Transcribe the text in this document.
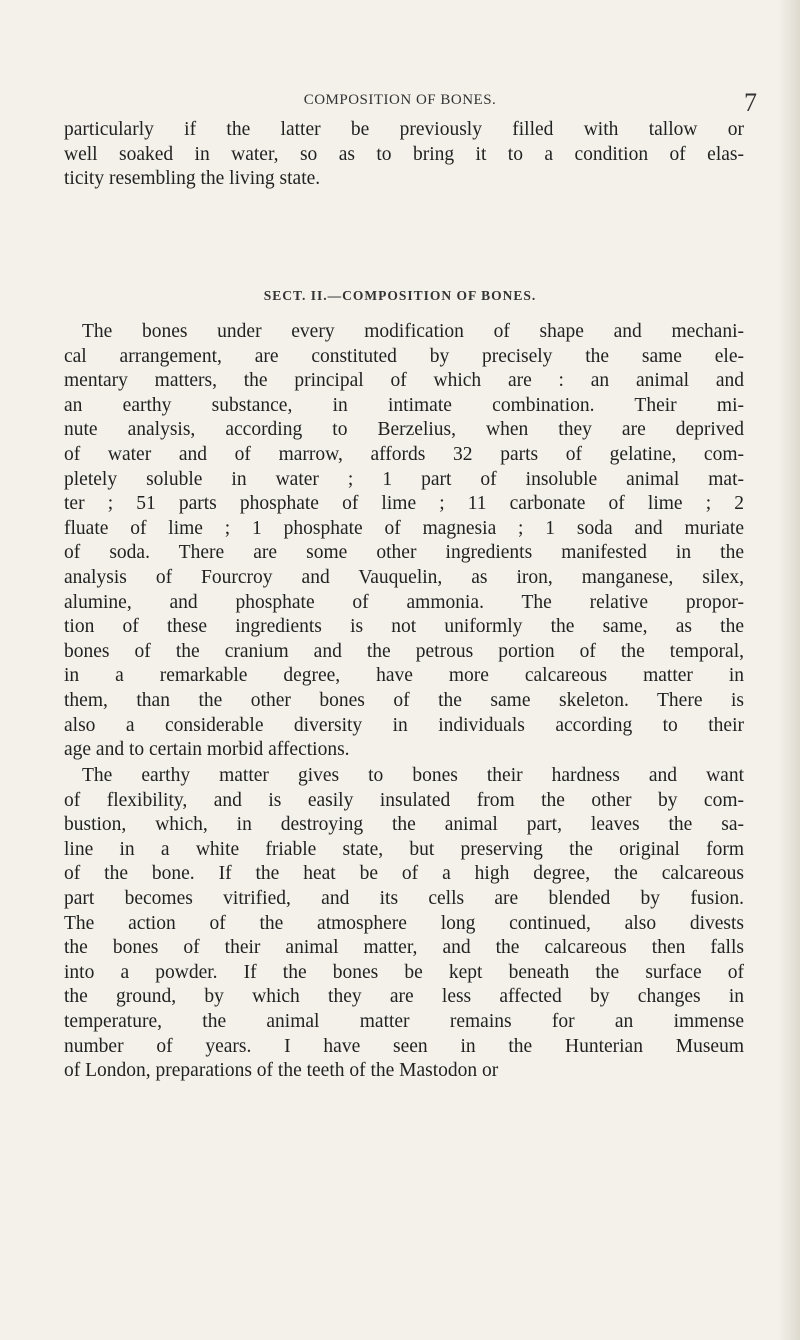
COMPOSITION OF BONES.	7
particularly if the latter be previously filled with tallow or
well soaked in water, so as to bring it to a condition of elas-
ticity resembling the living state.
SECT. II.—COMPOSITION OF BONES.
The bones under every modification of shape and mechani-
cal arrangement, are constituted by precisely the same ele-
mentary matters, the principal of which are : an animal and
an earthy substance, in intimate combination. Their mi-
nute analysis, according to Berzelius, when they are deprived
of water and of marrow, affords 32 parts of gelatine, com-
pletely soluble in water ; 1 part of insoluble animal mat-
ter ; 51 parts phosphate of lime ; 11 carbonate of lime ; 2
fluate of lime ; 1 phosphate of magnesia ; 1 soda and muriate
of soda. There are some other ingredients manifested in the
analysis of Fourcroy and Vauquelin, as iron, manganese, silex,
alumine, and phosphate of ammonia. The relative propor-
tion of these ingredients is not uniformly the same, as the
bones of the cranium and the petrous portion of the temporal,
in a remarkable degree, have more calcareous matter in
them, than the other bones of the same skeleton. There is
also a considerable diversity in individuals according to their
age and to certain morbid affections.
The earthy matter gives to bones their hardness and want
of flexibility, and is easily insulated from the other by com-
bustion, which, in destroying the animal part, leaves the sa-
line in a white friable state, but preserving the original form
of the bone. If the heat be of a high degree, the calcareous
part becomes vitrified, and its cells are blended by fusion.
The action of the atmosphere long continued, also divests
the bones of their animal matter, and the calcareous then falls
into a powder. If the bones be kept beneath the surface of
the ground, by which they are less affected by changes in
temperature, the animal matter remains for an immense
number of years. I have seen in the Hunterian Museum
of London, preparations of the teeth of the Mastodon or
